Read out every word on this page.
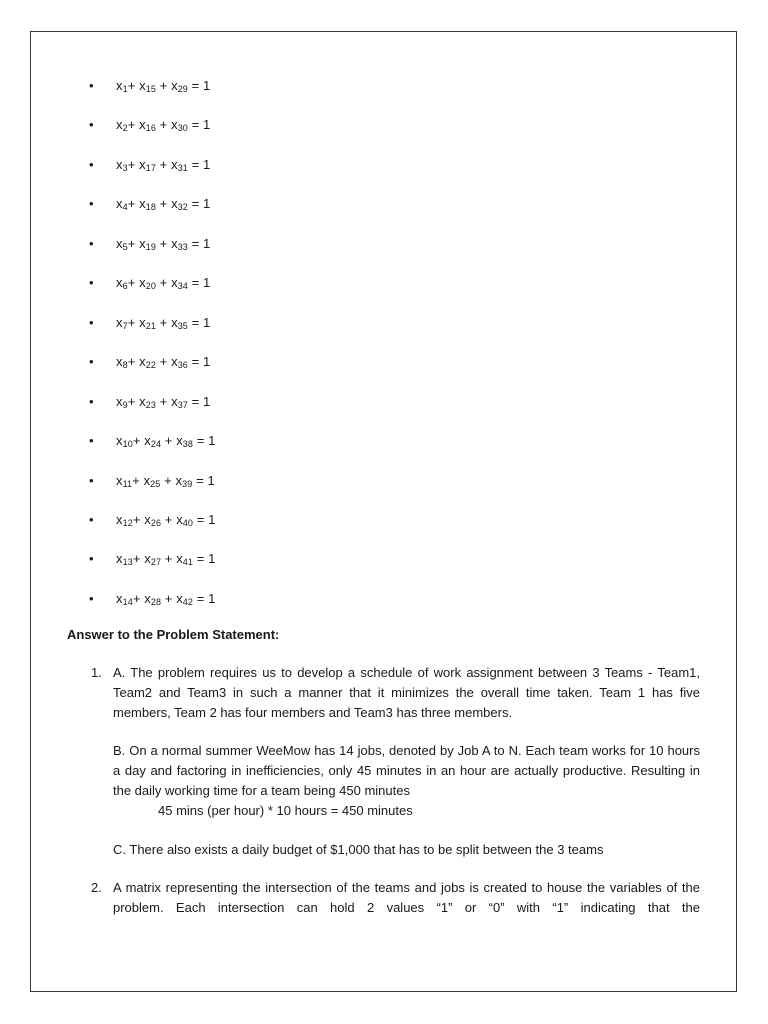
• $x_1+ x_{15} + x_{29} = 1$
• $x_2+ x_{16} + x_{30} = 1$
• $x_3+ x_{17} + x_{31} = 1$
• $x_4+ x_{18} + x_{32} = 1$
• $x_5+ x_{19} + x_{33} = 1$
• $x_6+ x_{20} + x_{34} = 1$
• $x_7+ x_{21} + x_{35} = 1$
• $x_8+ x_{22} + x_{36} = 1$
• $x_9+ x_{23} + x_{37} = 1$
• $x_{10}+ x_{24} + x_{38} = 1$
• $x_{11}+ x_{25} + x_{39} = 1$
• $x_{12}+ x_{26} + x_{40} = 1$
• $x_{13}+ x_{27} + x_{41} = 1$
• $x_{14}+ x_{28} + x_{42} = 1$
Answer to the Problem Statement:
1. A. The problem requires us to develop a schedule of work assignment between 3 Teams - Team1, Team2 and Team3 in such a manner that it minimizes the overall time taken. Team 1 has five members, Team 2 has four members and Team3 has three members.

B. On a normal summer WeeMow has 14 jobs, denoted by Job A to N. Each team works for 10 hours a day and factoring in inefficiencies, only 45 minutes in an hour are actually productive. Resulting in the daily working time for a team being 450 minutes

45 mins (per hour) * 10 hours = 450 minutes

C. There also exists a daily budget of $1,000 that has to be split between the 3 teams

2. A matrix representing the intersection of the teams and jobs is created to house the variables of the problem. Each intersection can hold 2 values “1” or “0” with “1” indicating that the
